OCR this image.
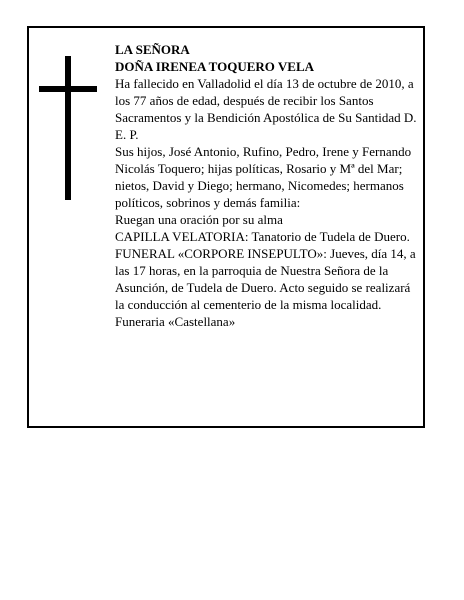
LA SEÑORA

DOÑA IRENEA TOQUERO VELA

Ha fallecido en Valladolid el día 13 de octubre de 2010, a los 77 años de edad, después de recibir los Santos Sacramentos y la Bendición Apostólica de Su Santidad D. E. P.

Sus hijos, José Antonio, Rufino, Pedro, Irene y Fernando Nicolás Toquero; hijas políticas, Rosario y Mª del Mar; nietos, David y Diego; hermano, Nicomedes; hermanos políticos, sobrinos y demás familia:

Ruegan una oración por su alma

CAPILLA VELATORIA: Tanatorio de Tudela de Duero.

FUNERAL «CORPORE INSEPULTO»: Jueves, día 14, a las 17 horas, en la parroquia de Nuestra Señora de la Asunción, de Tudela de Duero. Acto seguido se realizará la conducción al cementerio de la misma localidad.

Funeraria «Castellana»
